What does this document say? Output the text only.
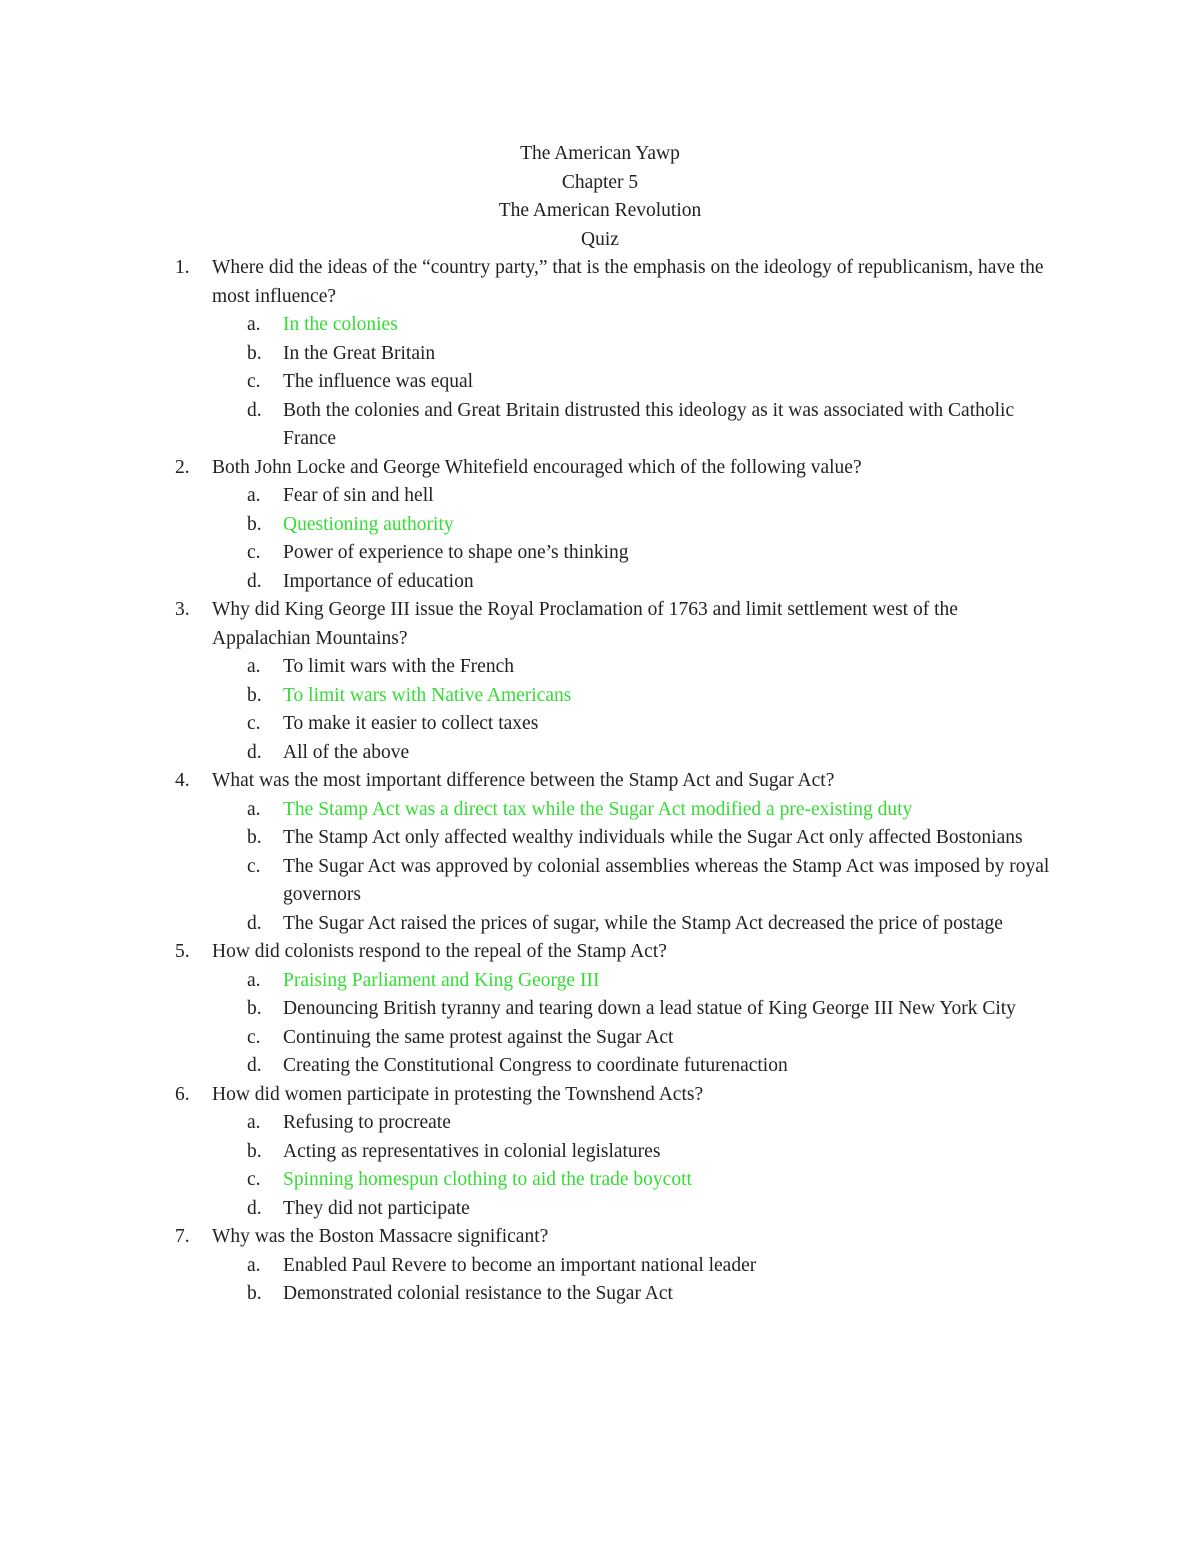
The American Yawp
Chapter 5
The American Revolution
Quiz
1.	Where did the ideas of the “country party,” that is the emphasis on the ideology of republicanism, have the most influence?
a.	In the colonies
b.	In the Great Britain
c.	The influence was equal
d.	Both the colonies and Great Britain distrusted this ideology as it was associated with Catholic France
2.	Both John Locke and George Whitefield encouraged which of the following value?
a.	Fear of sin and hell
b.	Questioning authority
c.	Power of experience to shape one’s thinking
d.	Importance of education
3.	Why did King George III issue the Royal Proclamation of 1763 and limit settlement west of the Appalachian Mountains?
a.	To limit wars with the French
b.	To limit wars with Native Americans
c.	To make it easier to collect taxes
d.	All of the above
4.	What was the most important difference between the Stamp Act and Sugar Act?
a.	The Stamp Act was a direct tax while the Sugar Act modified a pre-existing duty
b.	The Stamp Act only affected wealthy individuals while the Sugar Act only affected Bostonians
c.	The Sugar Act was approved by colonial assemblies whereas the Stamp Act was imposed by royal governors
d.	The Sugar Act raised the prices of sugar, while the Stamp Act decreased the price of postage
5.	How did colonists respond to the repeal of the Stamp Act?
a.	Praising Parliament and King George III
b.	Denouncing British tyranny and tearing down a lead statue of King George III New York City
c.	Continuing the same protest against the Sugar Act
d.	Creating the Constitutional Congress to coordinate futurenaction
6.	How did women participate in protesting the Townshend Acts?
a.	Refusing to procreate
b.	Acting as representatives in colonial legislatures
c.	Spinning homespun clothing to aid the trade boycott
d.	They did not participate
7.	Why was the Boston Massacre significant?
a.	Enabled Paul Revere to become an important national leader
b.	Demonstrated colonial resistance to the Sugar Act
